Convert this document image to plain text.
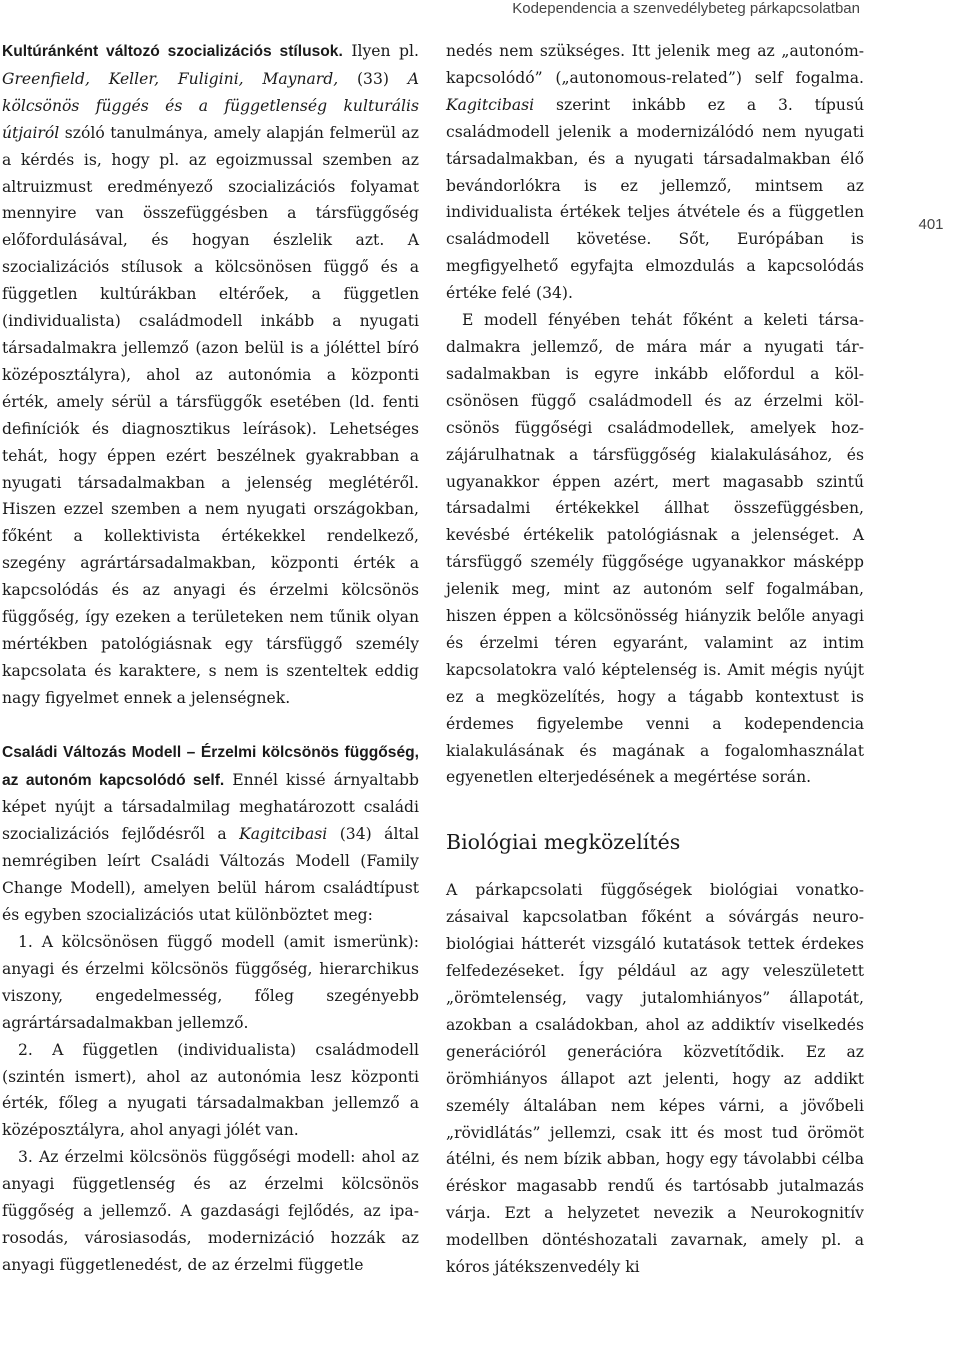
Kodependencia a szenvedélybeteg párkapcsolatban
401

Kultúránként változó szocializációs stílusok. Ilyen pl. Greenfield, Keller, Fuligini, Maynard, (33) A kölcsönös függés és a függetlenség kulturális útjairól szóló tanulmánya, amely alapján felmerül az a kérdés is, hogy pl. az egoizmussal szemben az altruizmust eredményező szocializációs folyamat mennyire van összefüggésben a társfüggőség előfordulásával, és hogyan észlelik azt. A szocializációs stílusok a kölcsönösen függő és a független kultúrákban eltérőek, a független (individualista) családmodell inkább a nyugati társadalmakra jellemző (azon belül is a jóléttel bíró középosztályra), ahol az autonómia a központi érték, amely sérül a társfüggők esetében (ld. fenti definíciók és diagnosztikus leírások). Lehetséges tehát, hogy éppen ezért beszélnek gyakrabban a nyugati társadalmakban a jelenség meglétéről. Hiszen ezzel szemben a nem nyugati országokban, főként a kollektivista értékekkel rendelkező, szegény agrártársadalmakban, központi érték a kapcsolódás és az anyagi és érzelmi kölcsönös függőség, így ezeken a területeken nem tűnik olyan mértékben patológiásnak egy társfüggő személy kapcsolata és karaktere, s nem is szenteltek eddig nagy figyelmet ennek a jelenségnek.

Családi Változás Modell – Érzelmi kölcsönös függőség, az autonóm kapcsolódó self. Ennél kissé árnyaltabb képet nyújt a társadalmilag meghatározott családi szocializációs fejlődésről a Kagitcibasi (34) által nemrégiben leírt Családi Változás Modell (Family Change Modell), amelyen belül három családtípust és egyben szocializációs utat különböztet meg:

1. A kölcsönösen függő modell (amit ismerünk): anyagi és érzelmi kölcsönös függőség, hierarchikus viszony, engedelmesség, főleg szegényebb agrártársadalmakban jellemző.

2. A független (individualista) családmodell (szintén ismert), ahol az autonómia lesz központi érték, főleg a nyugati társadalmakban jellemző a középosztályra, ahol anyagi jólét van.

3. Az érzelmi kölcsönös függőségi modell: ahol az anyagi függetlenség és az érzelmi kölcsönös függőség a jellemző. A gazdasági fejlődés, az iparosodás, városiasodás, modernizáció hozzák az anyagi függetlenedést, de az érzelmi függetle

nedés nem szükséges. Itt jelenik meg az „autonóm-kapcsolódó” („autonomous-related”) self fogalma. Kagitcibasi szerint inkább ez a 3. típusú családmodell jelenik a modernizálódó nem nyugati társadalmakban, és a nyugati társadalmakban élő bevándorlókra is ez jellemző, mintsem az individualista értékek teljes átvétele és a független családmodell követése. Sőt, Európában is megfigyelhető egyfajta elmozdulás a kapcsolódás értéke felé (34).

E modell fényében tehát főként a keleti társadalmakra jellemző, de mára már a nyugati társadalmakban is egyre inkább előfordul a kölcsönösen függő családmodell és az érzelmi kölcsönös függőségi családmodellek, amelyek hozzájárulhatnak a társfüggőség kialakulásához, és ugyanakkor éppen azért, mert magasabb szintű társadalmi értékekkel állhat összefüggésben, kevésbé értékelik patológiásnak a jelenséget. A társfüggő személy függősége ugyanakkor másképp jelenik meg, mint az autonóm self fogalmában, hiszen éppen a kölcsönösség hiányzik belőle anyagi és érzelmi téren egyaránt, valamint az intim kapcsolatokra való képtelenség is. Amit mégis nyújt ez a megközelítés, hogy a tágabb kontextust is érdemes figyelembe venni a kodependencia kialakulásának és magának a fogalomhasználat egyenetlen elterjedésének a megértése során.

Biológiai megközelítés

A párkapcsolati függőségek biológiai vonatkozásaival kapcsolatban főként a sóvárgás neurobiológiai hátterét vizsgáló kutatások tettek érdekes felfedezéseket. Így például az agy veleszületett „örömtelenség, vagy jutalomhiányos” állapotát, azokban a családokban, ahol az addiktív viselkedés generációról generációra közvetítődik. Ez az örömhiányos állapot azt jelenti, hogy az addikt személy általában nem képes várni, a jövőbeli „rövidlátás” jellemzi, csak itt és most tud örömöt átélni, és nem bízik abban, hogy egy távolabbi célba éréskor magasabb rendű és tartósabb jutalmazás várja. Ezt a helyzetet nevezik a Neurokognitív modellben döntéshozatali zavarnak, amely pl. a kóros játékszenvedély ki
